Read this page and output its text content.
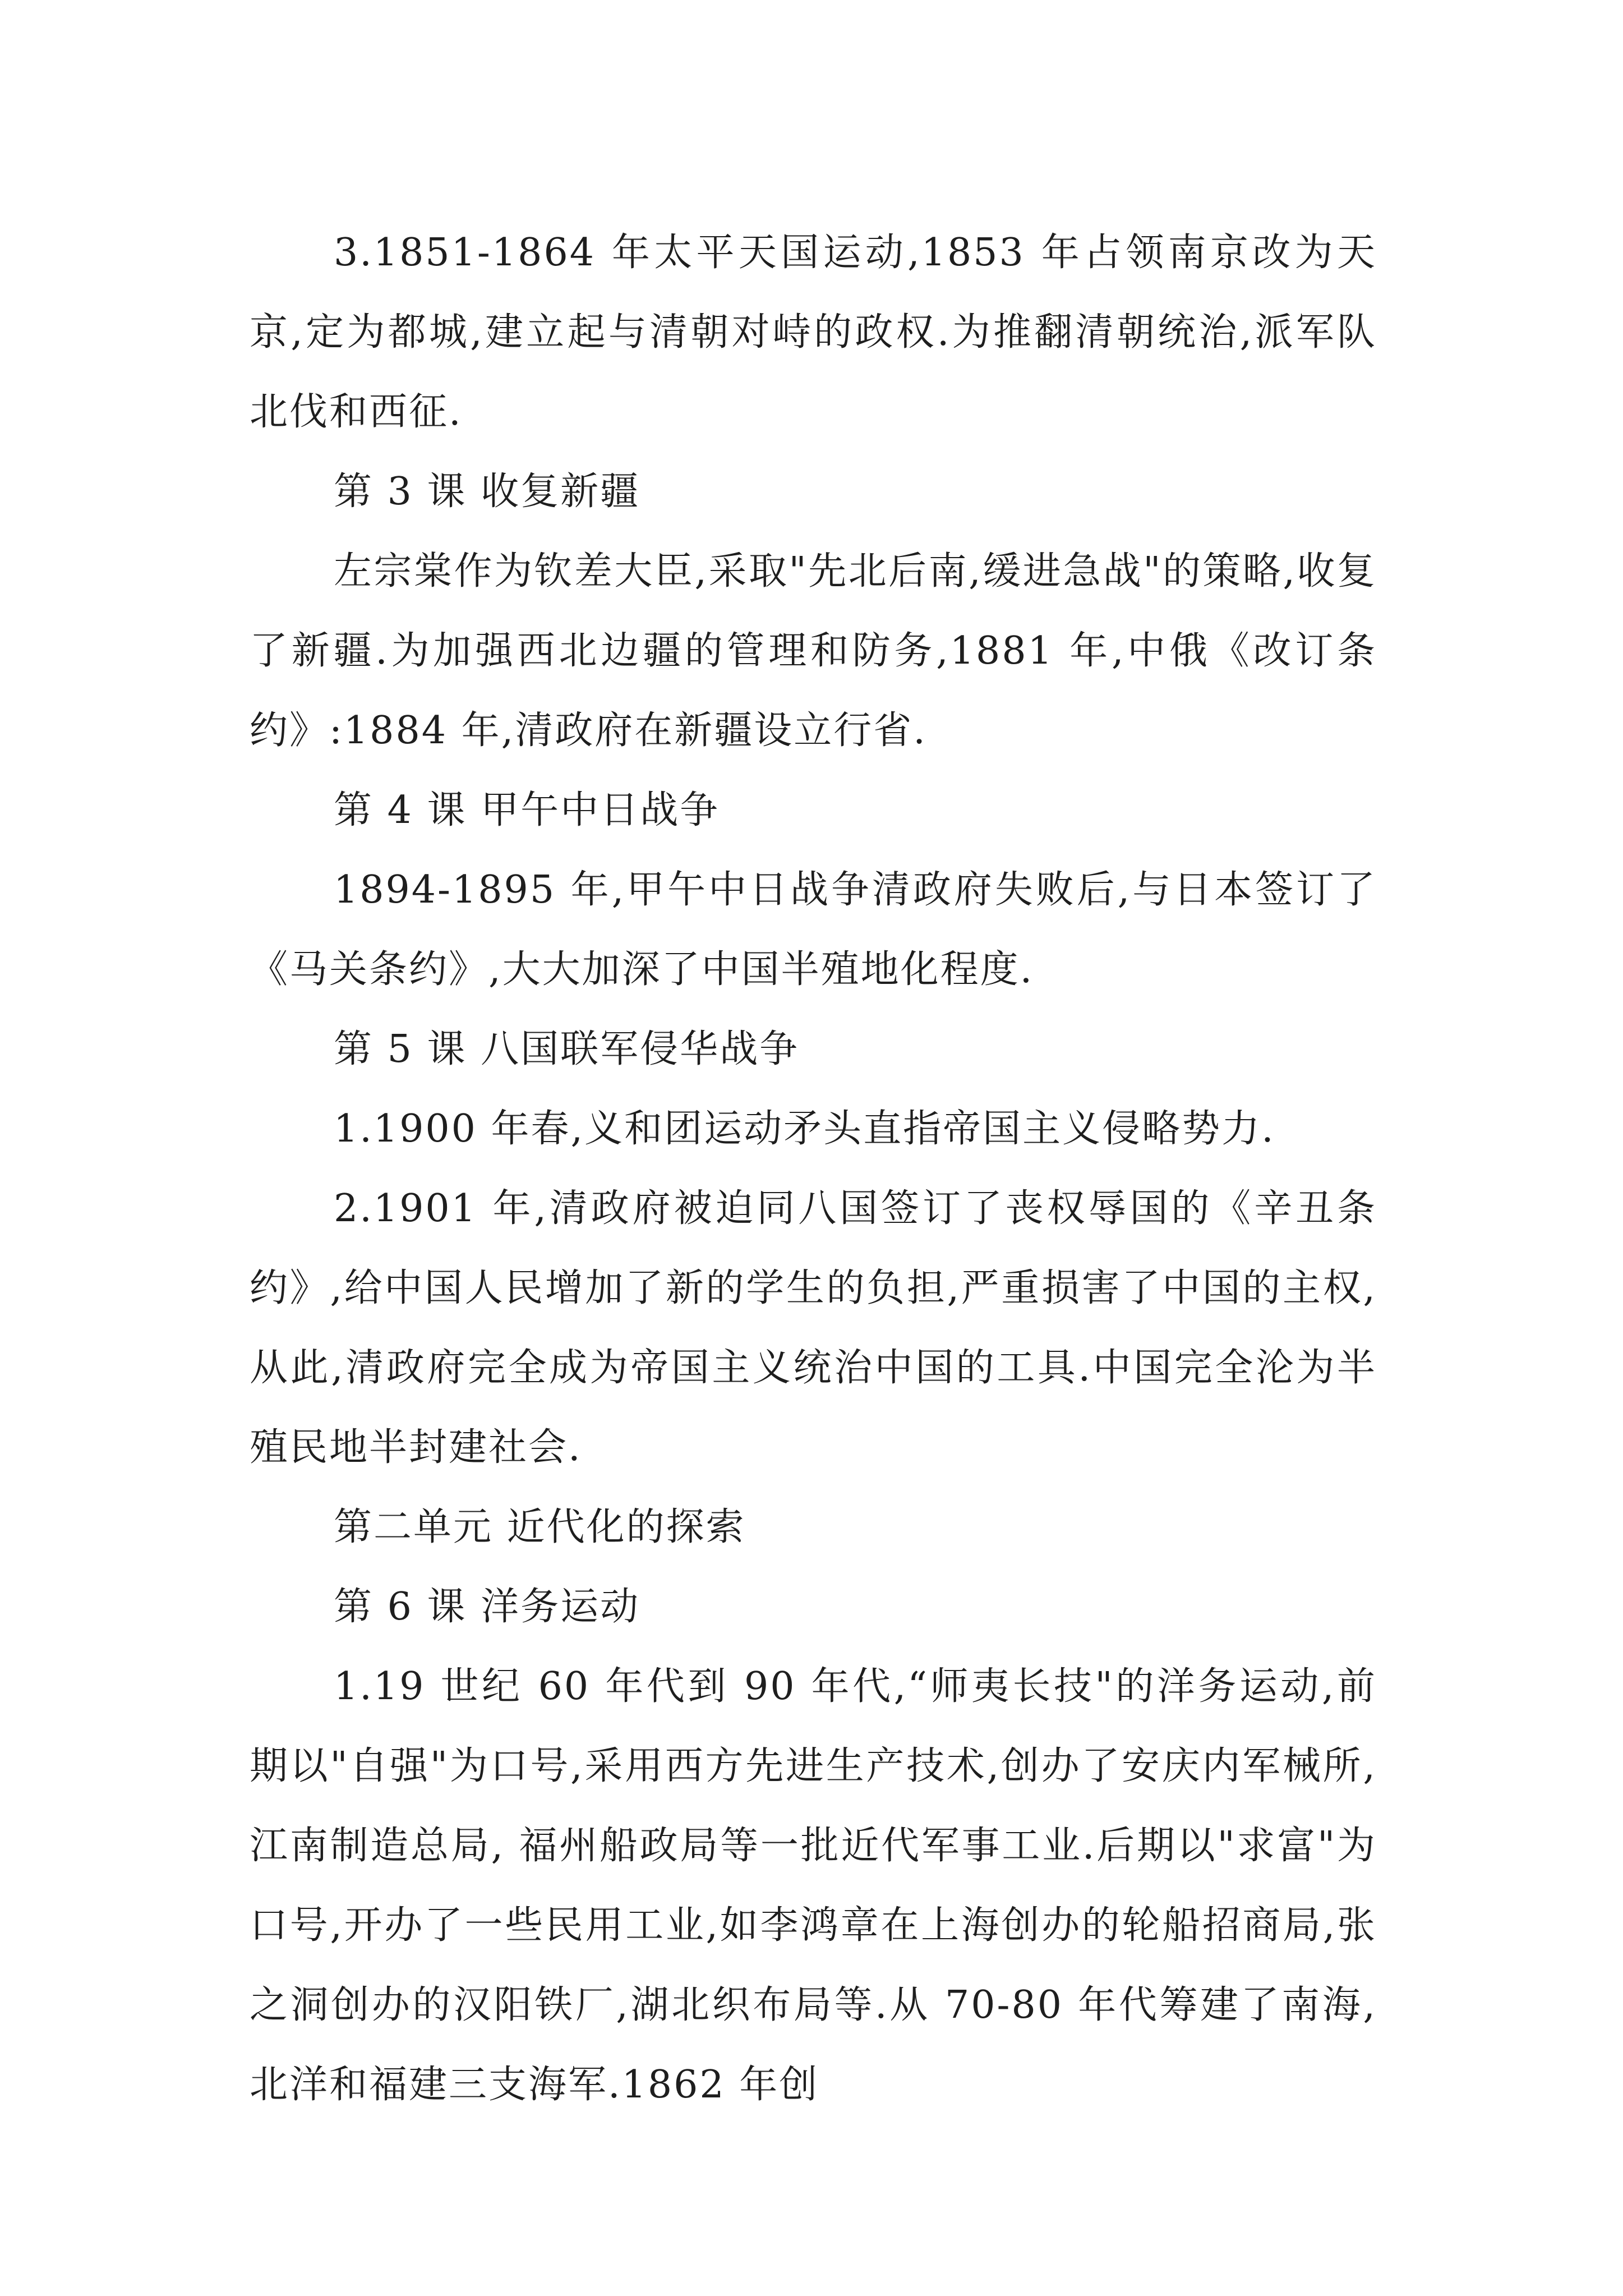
3.1851-1864 年太平天国运动,1853 年占领南京改为天京,定为都城,建立起与清朝对峙的政权.为推翻清朝统治,派军队北伐和西征.

第 3 课 收复新疆

左宗棠作为钦差大臣,采取"先北后南,缓进急战"的策略,收复了新疆.为加强西北边疆的管理和防务,1881 年,中俄《改订条约》:1884 年,清政府在新疆设立行省.

第 4 课 甲午中日战争

1894-1895 年,甲午中日战争清政府失败后,与日本签订了《马关条约》,大大加深了中国半殖地化程度.

第 5 课 八国联军侵华战争

1.1900 年春,义和团运动矛头直指帝国主义侵略势力.

2.1901 年,清政府被迫同八国签订了丧权辱国的《辛丑条约》,给中国人民增加了新的学生的负担,严重损害了中国的主权,从此,清政府完全成为帝国主义统治中国的工具.中国完全沦为半殖民地半封建社会.

第二单元 近代化的探索

第 6 课 洋务运动

1.19 世纪 60 年代到 90 年代,“师夷长技"的洋务运动,前期以"自强"为口号,采用西方先进生产技术,创办了安庆内军械所,江南制造总局, 福州船政局等一批近代军事工业.后期以"求富"为口号,开办了一些民用工业,如李鸿章在上海创办的轮船招商局,张之洞创办的汉阳铁厂,湖北织布局等.从 70-80 年代筹建了南海,北洋和福建三支海军.1862 年创
